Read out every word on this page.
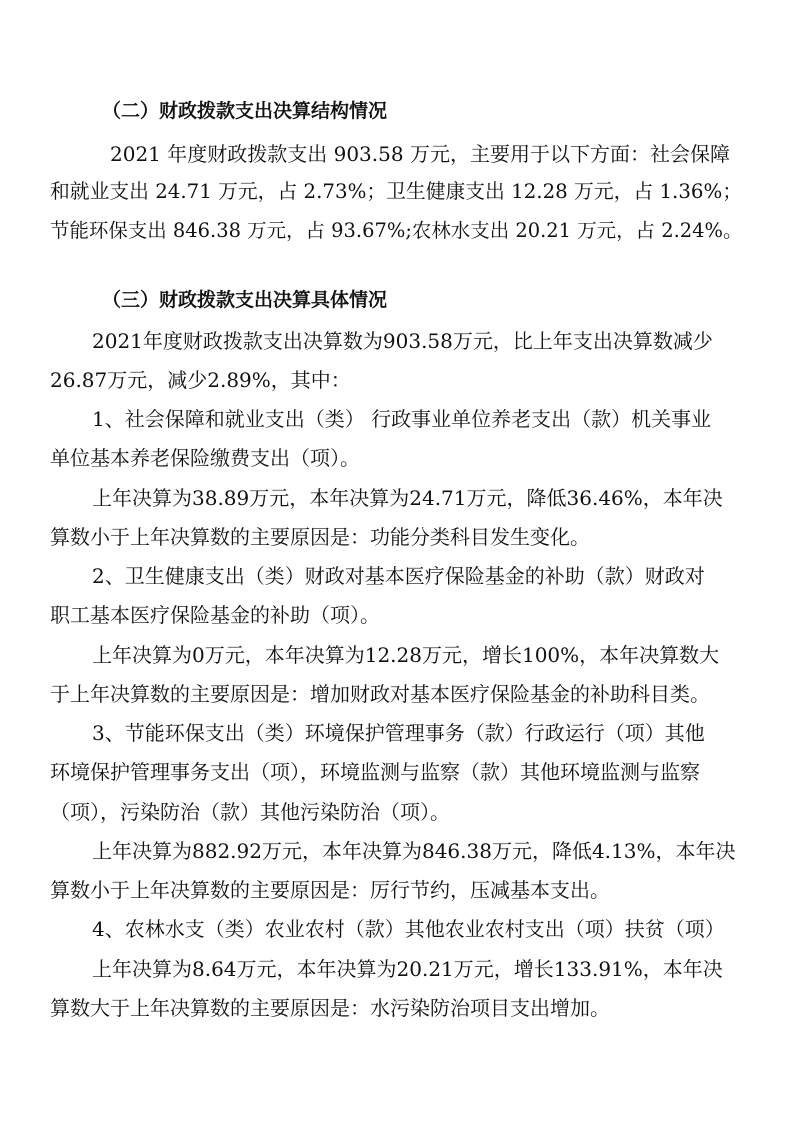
（二）财政拨款支出决算结构情况
2021 年度财政拨款支出 903.58 万元，主要用于以下方面：社会保障
和就业支出 24.71 万元，占 2.73%；卫生健康支出 12.28 万元，占 1.36%；
节能环保支出 846.38 万元，占 93.67%;农林水支出 20.21 万元，占 2.24%。
（三）财政拨款支出决算具体情况
2021年度财政拨款支出决算数为903.58万元，比上年支出决算数减少
26.87万元，减少2.89%，其中：
1、社会保障和就业支出（类） 行政事业单位养老支出（款）机关事业
单位基本养老保险缴费支出（项）。
上年决算为38.89万元，本年决算为24.71万元，降低36.46%，本年决
算数小于上年决算数的主要原因是：功能分类科目发生变化。
2、卫生健康支出（类）财政对基本医疗保险基金的补助（款）财政对
职工基本医疗保险基金的补助（项）。
上年决算为0万元，本年决算为12.28万元，增长100%，本年决算数大
于上年决算数的主要原因是：增加财政对基本医疗保险基金的补助科目类。
3、节能环保支出（类）环境保护管理事务（款）行政运行（项）其他
环境保护管理事务支出（项），环境监测与监察（款）其他环境监测与监察
（项），污染防治（款）其他污染防治（项）。
上年决算为882.92万元，本年决算为846.38万元，降低4.13%，本年决
算数小于上年决算数的主要原因是：厉行节约，压减基本支出。
4、农林水支（类）农业农村（款）其他农业农村支出（项）扶贫（项）
上年决算为8.64万元，本年决算为20.21万元，增长133.91%，本年决
算数大于上年决算数的主要原因是：水污染防治项目支出增加。
